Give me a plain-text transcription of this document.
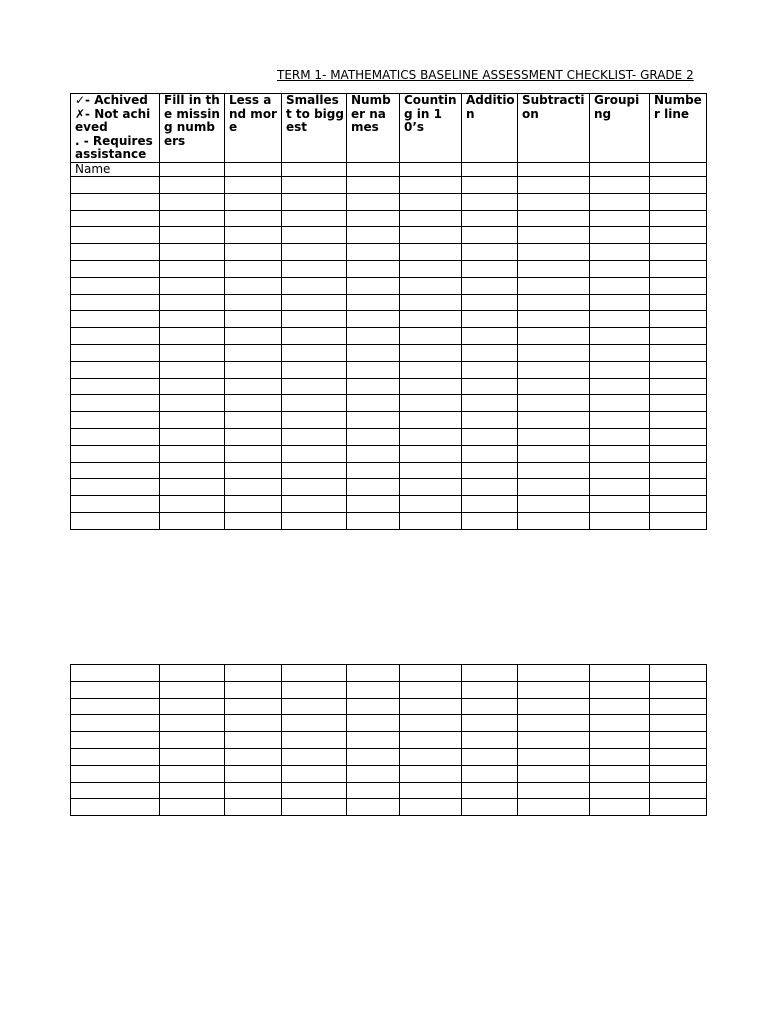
TERM 1- MATHEMATICS BASELINE ASSESSMENT CHECKLIST- GRADE 2
✓- Achived
✗- Not achieved
. - Requires assistance	Fill in the missing numbers	Less and more	Smallest to biggest	Number names	Counting in 10’s	Addition	Subtraction	Grouping	Number line
Name									
